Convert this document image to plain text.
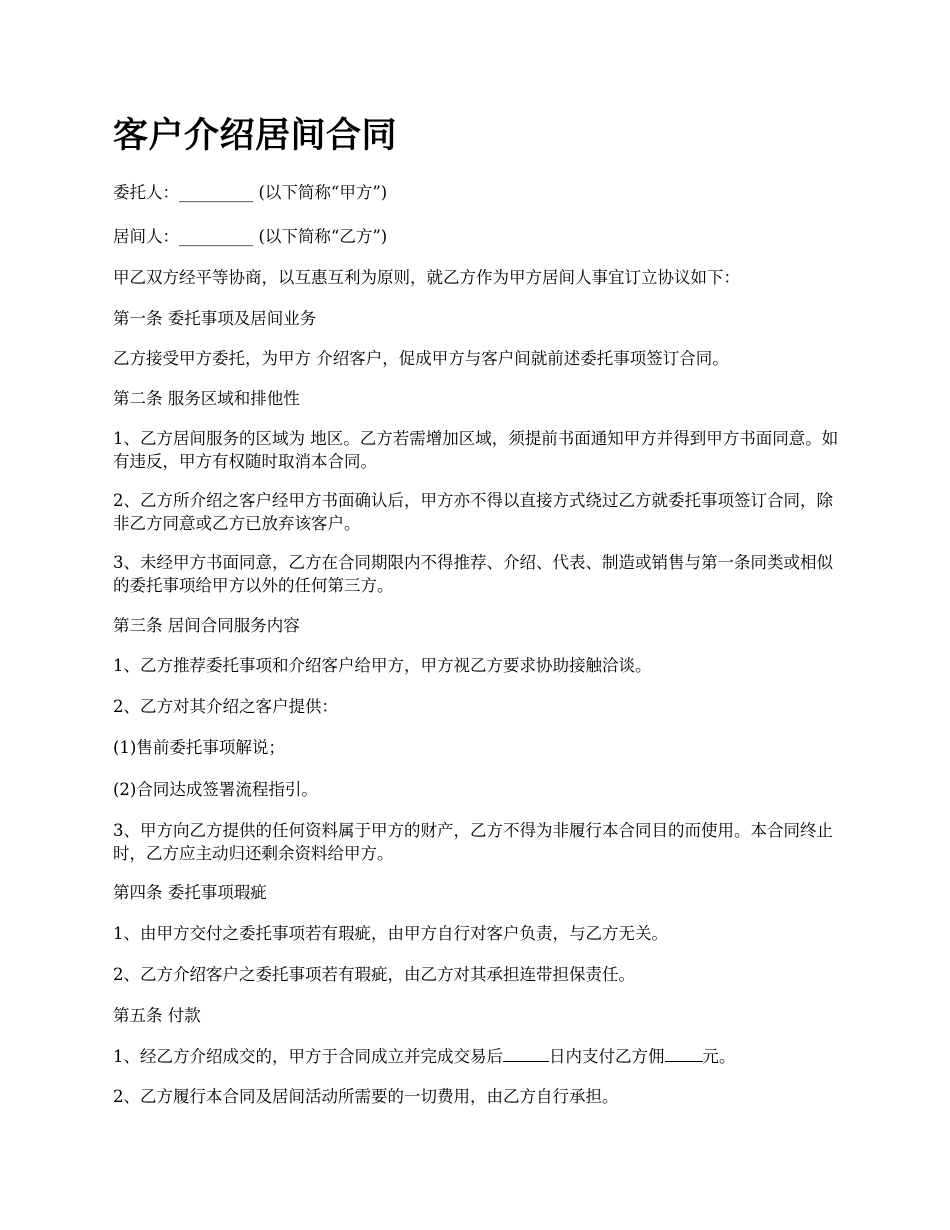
客户介绍居间合同

委托人：_________ (以下简称“甲方”)

居间人：_________ (以下简称“乙方”)

甲乙双方经平等协商，以互惠互利为原则，就乙方作为甲方居间人事宜订立协议如下：

第一条 委托事项及居间业务

乙方接受甲方委托，为甲方 介绍客户，促成甲方与客户间就前述委托事项签订合同。

第二条 服务区域和排他性

1、乙方居间服务的区域为 地区。乙方若需增加区域，须提前书面通知甲方并得到甲方书面同意。如有违反，甲方有权随时取消本合同。

2、乙方所介绍之客户经甲方书面确认后，甲方亦不得以直接方式绕过乙方就委托事项签订合同，除非乙方同意或乙方已放弃该客户。

3、未经甲方书面同意，乙方在合同期限内不得推荐、介绍、代表、制造或销售与第一条同类或相似的委托事项给甲方以外的任何第三方。

第三条 居间合同服务内容

1、乙方推荐委托事项和介绍客户给甲方，甲方视乙方要求协助接触洽谈。

2、乙方对其介绍之客户提供：

(1)售前委托事项解说；

(2)合同达成签署流程指引。

3、甲方向乙方提供的任何资料属于甲方的财产，乙方不得为非履行本合同目的而使用。本合同终止时，乙方应主动归还剩余资料给甲方。

第四条 委托事项瑕疵

1、由甲方交付之委托事项若有瑕疵，由甲方自行对客户负责，与乙方无关。

2、乙方介绍客户之委托事项若有瑕疵，由乙方对其承担连带担保责任。

第五条 付款

1、经乙方介绍成交的，甲方于合同成立并完成交易后	日内支付乙方佣 元。

2、乙方履行本合同及居间活动所需要的一切费用，由乙方自行承担。
